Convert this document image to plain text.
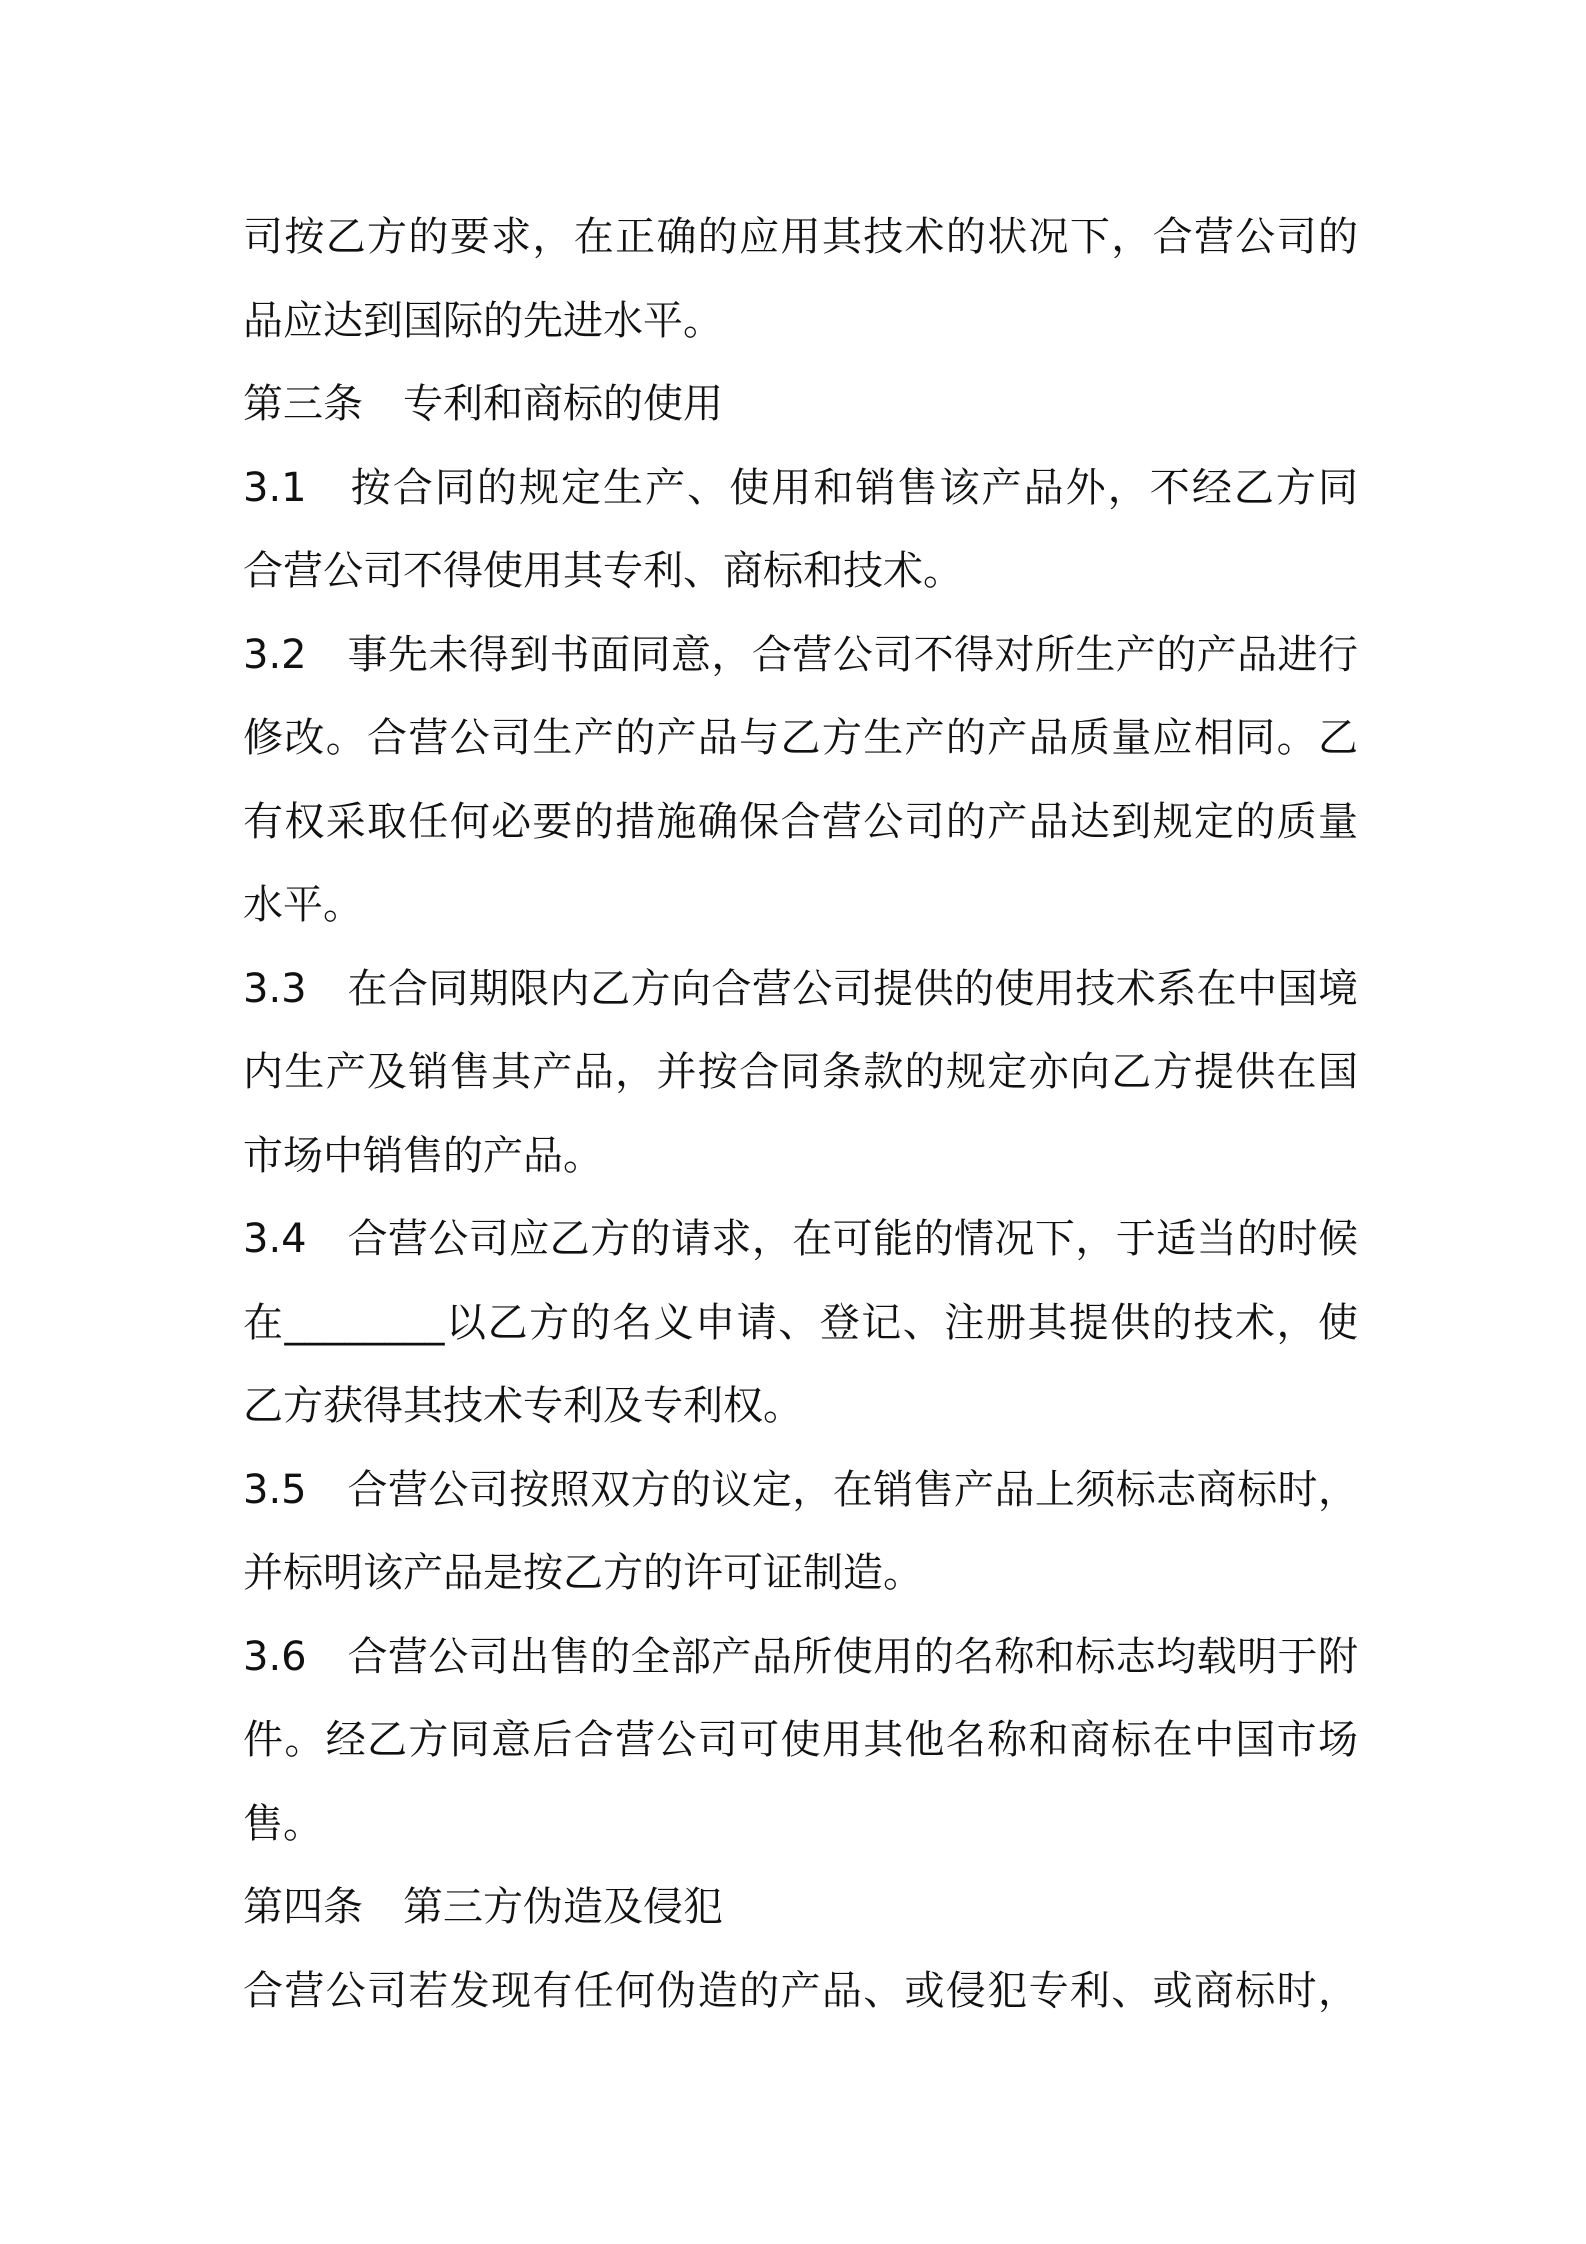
司按乙方的要求，在正确的应用其技术的状况下，合营公司的
品应达到国际的先进水平。
第三条　专利和商标的使用
3.1　按合同的规定生产、使用和销售该产品外，不经乙方同
合营公司不得使用其专利、商标和技术。
3.2　事先未得到书面同意，合营公司不得对所生产的产品进行
修改。合营公司生产的产品与乙方生产的产品质量应相同。乙
有权采取任何必要的措施确保合营公司的产品达到规定的质量
水平。
3.3　在合同期限内乙方向合营公司提供的使用技术系在中国境
内生产及销售其产品，并按合同条款的规定亦向乙方提供在国
市场中销售的产品。
3.4　合营公司应乙方的请求，在可能的情况下，于适当的时候
在________以乙方的名义申请、登记、注册其提供的技术，使
乙方获得其技术专利及专利权。
3.5　合营公司按照双方的议定，在销售产品上须标志商标时，
并标明该产品是按乙方的许可证制造。
3.6　合营公司出售的全部产品所使用的名称和标志均载明于附
件。经乙方同意后合营公司可使用其他名称和商标在中国市场
售。
第四条　第三方伪造及侵犯
合营公司若发现有任何伪造的产品、或侵犯专利、或商标时，
